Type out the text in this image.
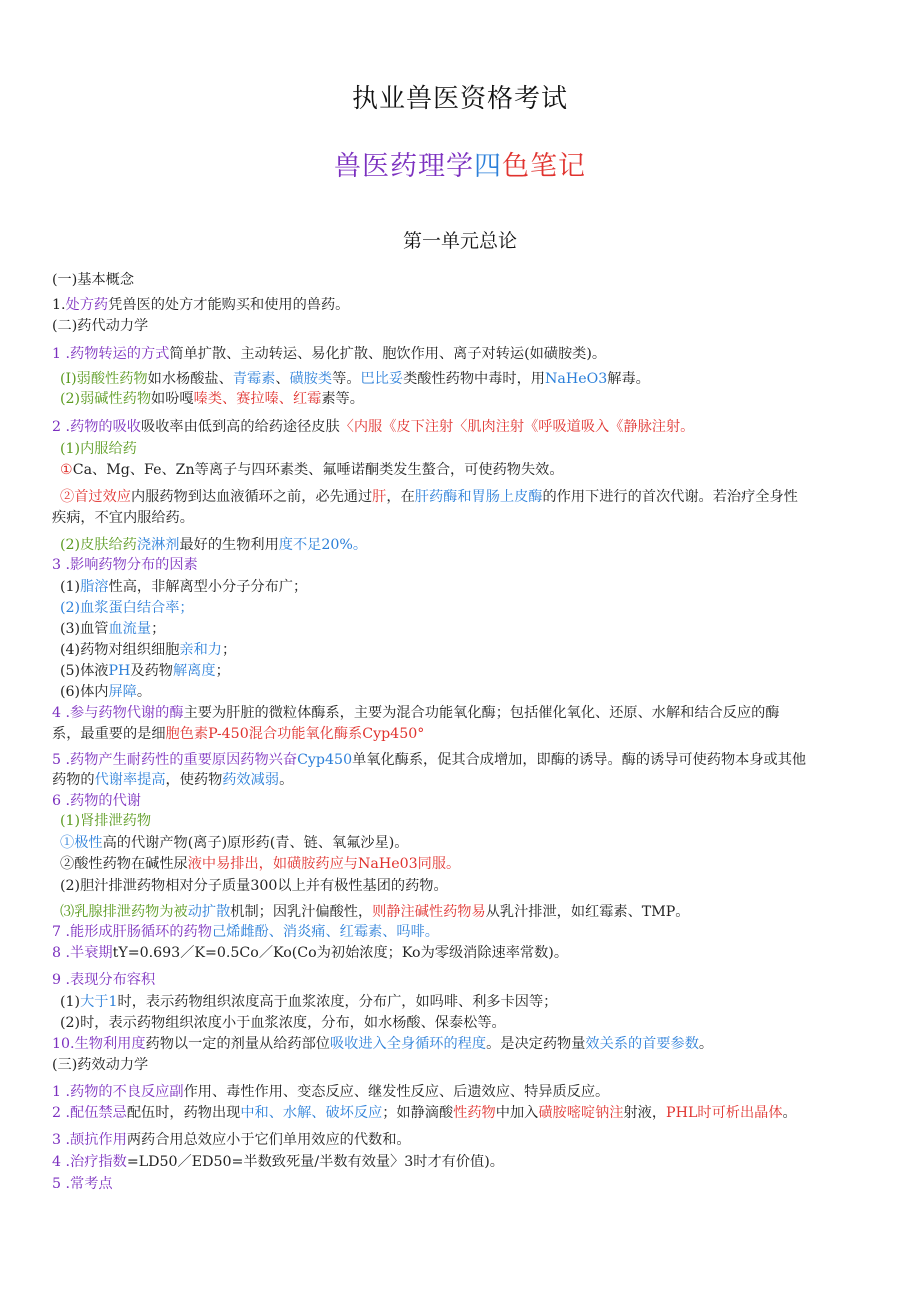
执业兽医资格考试
兽医药理学四色笔记
第一单元总论
(一)基本概念
1.处方药凭兽医的处方才能购买和使用的兽药。
(二)药代动力学
1 .药物转运的方式简单扩散、主动转运、易化扩散、胞饮作用、离子对转运(如磺胺类)。
(I)弱酸性药物如水杨酸盐、青霉素、磺胺类等。巴比妥类酸性药物中毒时，用NaHeO3解毒。
(2)弱碱性药物如吩嘎嗪类、赛拉嗪、红霉素等。
2 .药物的吸收吸收率由低到高的给药途径皮肤〈内服《皮下注射〈肌肉注射《呼吸道吸入《静脉注射。
(1)内服给药
①Ca、Mg、Fe、Zn等离子与四环素类、氟唾诺酮类发生螯合，可使药物失效。
②首过效应内服药物到达血液循环之前，必先通过肝，在肝药酶和胃肠上皮酶的作用下进行的首次代谢。若治疗全身性
疾病，不宜内服给药。
(2)皮肤给药浇淋剂最好的生物利用度不足20%。
3 .影响药物分布的因素
(1)脂溶性高，非解离型小分子分布广；
(2)血浆蛋白结合率；
(3)血管血流量；
(4)药物对组织细胞亲和力；
(5)体液PH及药物解离度；
(6)体内屏障。
4 .参与药物代谢的酶主要为肝脏的微粒体酶系，主要为混合功能氧化酶；包括催化氧化、还原、水解和结合反应的酶
系，最重要的是细胞色素P-450混合功能氧化酶系Cyp450°
5 .药物产生耐药性的重要原因药物兴奋Cyp450单氧化酶系，促其合成增加，即酶的诱导。酶的诱导可使药物本身或其他
药物的代谢率提高，使药物药效减弱。
6 .药物的代谢
(1)肾排泄药物
①极性高的代谢产物(离子)原形药(青、链、氧氟沙星)。
②酸性药物在碱性尿液中易排出，如磺胺药应与NaHe03同服。
(2)胆汁排泄药物相对分子质量300以上并有极性基团的药物。
⑶乳腺排泄药物为被动扩散机制；因乳汁偏酸性，则静注碱性药物易从乳汁排泄，如红霉素、TMP。
7 .能形成肝肠循环的药物己烯雌酚、消炎痛、红霉素、吗啡。
8 .半衰期tY=0.693／K=0.5Co／Ko(Co为初始浓度；Ko为零级消除速率常数)。
9 .表现分布容积
(1)大于1时，表示药物组织浓度高于血浆浓度，分布广，如吗啡、利多卡因等；
(2)时，表示药物组织浓度小于血浆浓度，分布，如水杨酸、保泰松等。
10.生物利用度药物以一定的剂量从给药部位吸收进入全身循环的程度。是决定药物量效关系的首要参数。
(三)药效动力学
1 .药物的不良反应副作用、毒性作用、变态反应、继发性反应、后遗效应、特异质反应。
2 .配伍禁忌配伍时，药物出现中和、水解、破坏反应；如静滴酸性药物中加入磺胺嘧啶钠注射液，PHL时可析出晶体。
3 .颉抗作用两药合用总效应小于它们单用效应的代数和。
4 .治疗指数=LD50／ED50=半数致死量/半数有效量〉3时才有价值)。
5 .常考点
